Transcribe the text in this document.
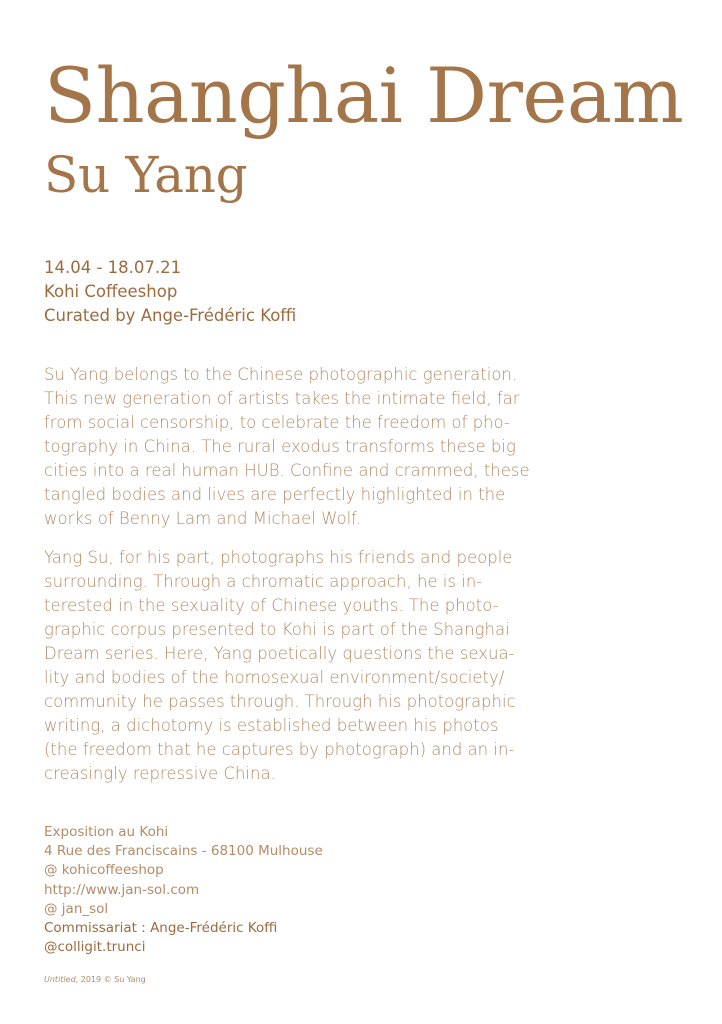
Shanghai Dream
Su Yang
14.04 - 18.07.21
Kohi Coffeeshop
Curated by Ange-Frédéric Koffi
Su Yang belongs to the Chinese photographic generation.
This new generation of artists takes the intimate field, far
from social censorship, to celebrate the freedom of pho-
tography in China. The rural exodus transforms these big
cities into a real human HUB. Confine and crammed, these
tangled bodies and lives are perfectly highlighted in the
works of Benny Lam and Michael Wolf.
Yang Su, for his part, photographs his friends and people
surrounding. Through a chromatic approach, he is in-
terested in the sexuality of Chinese youths. The photo-
graphic corpus presented to Kohi is part of the Shanghai
Dream series. Here, Yang poetically questions the sexua-
lity and bodies of the homosexual environment/society/
community he passes through. Through his photographic
writing, a dichotomy is established between his photos
(the freedom that he captures by photograph) and an in-
creasingly repressive China.
Exposition au Kohi
4 Rue des Franciscains - 68100 Mulhouse
@ kohicoffeeshop
http://www.jan-sol.com
@ jan_sol
Commissariat : Ange-Frédéric Koffi
@colligit.trunci
Untitled, 2019 © Su Yang
